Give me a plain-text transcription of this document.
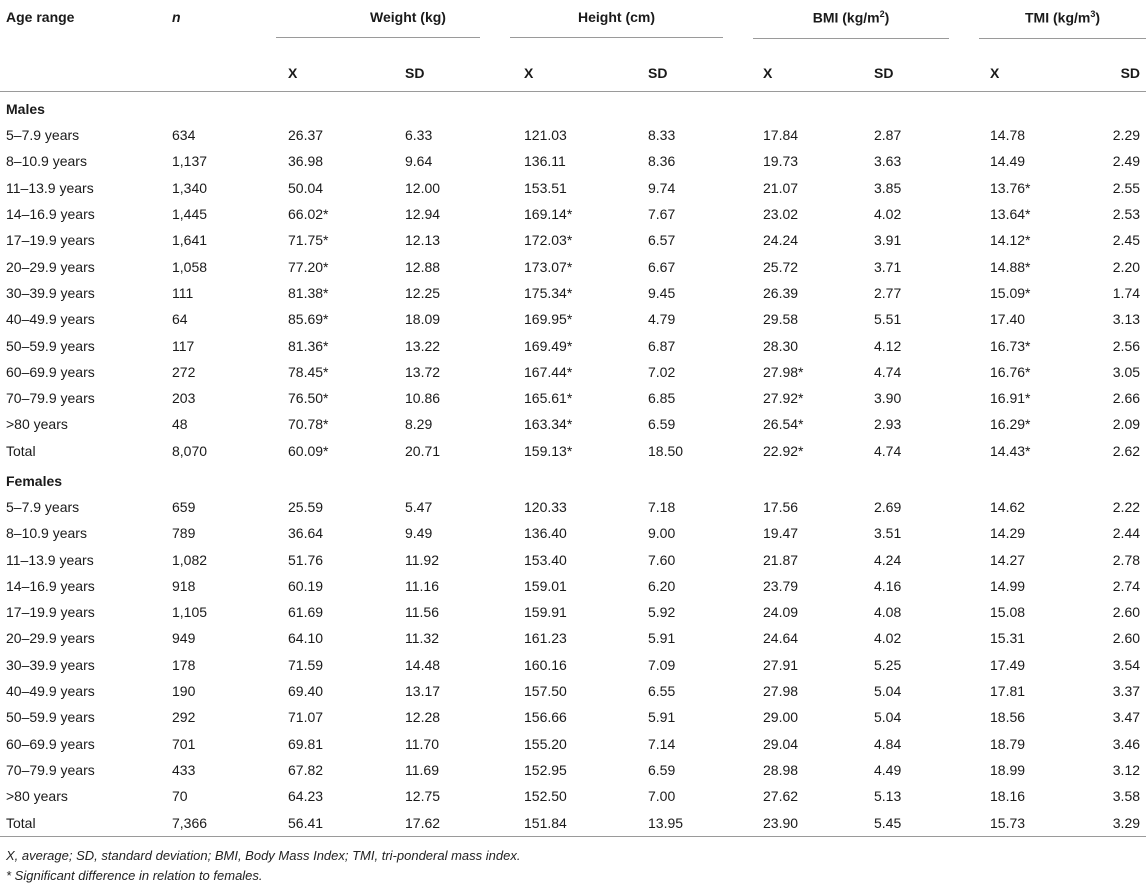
Age range	n	Weight (kg)		Height (cm)		BMI $(kg/m^2)$		TMI $(kg/m^3)$	

		X	SD	X	SD	X	SD	X	SD
Males									
5–7.9 years	634	26.37	6.33	121.03	8.33	17.84	2.87	14.78	2.29
8–10.9 years	1,137	36.98	9.64	136.11	8.36	19.73	3.63	14.49	2.49
11–13.9 years	1,340	50.04	12.00	153.51	9.74	21.07	3.85	13.76*	2.55
14–16.9 years	1,445	66.02*	12.94	169.14*	7.67	23.02	4.02	13.64*	2.53
17–19.9 years	1,641	71.75*	12.13	172.03*	6.57	24.24	3.91	14.12*	2.45
20–29.9 years	1,058	77.20*	12.88	173.07*	6.67	25.72	3.71	14.88*	2.20
30–39.9 years	111	81.38*	12.25	175.34*	9.45	26.39	2.77	15.09*	1.74
40–49.9 years	64	85.69*	18.09	169.95*	4.79	29.58	5.51	17.40	3.13
50–59.9 years	117	81.36*	13.22	169.49*	6.87	28.30	4.12	16.73*	2.56
60–69.9 years	272	78.45*	13.72	167.44*	7.02	27.98*	4.74	16.76*	3.05
70–79.9 years	203	76.50*	10.86	165.61*	6.85	27.92*	3.90	16.91*	2.66
>80 years	48	70.78*	8.29	163.34*	6.59	26.54*	2.93	16.29*	2.09
Total	8,070	60.09*	20.71	159.13*	18.50	22.92*	4.74	14.43*	2.62
Females									
5–7.9 years	659	25.59	5.47	120.33	7.18	17.56	2.69	14.62	2.22
8–10.9 years	789	36.64	9.49	136.40	9.00	19.47	3.51	14.29	2.44
11–13.9 years	1,082	51.76	11.92	153.40	7.60	21.87	4.24	14.27	2.78
14–16.9 years	918	60.19	11.16	159.01	6.20	23.79	4.16	14.99	2.74
17–19.9 years	1,105	61.69	11.56	159.91	5.92	24.09	4.08	15.08	2.60
20–29.9 years	949	64.10	11.32	161.23	5.91	24.64	4.02	15.31	2.60
30–39.9 years	178	71.59	14.48	160.16	7.09	27.91	5.25	17.49	3.54
40–49.9 years	190	69.40	13.17	157.50	6.55	27.98	5.04	17.81	3.37
50–59.9 years	292	71.07	12.28	156.66	5.91	29.00	5.04	18.56	3.47
60–69.9 years	701	69.81	11.70	155.20	7.14	29.04	4.84	18.79	3.46
70–79.9 years	433	67.82	11.69	152.95	6.59	28.98	4.49	18.99	3.12
>80 years	70	64.23	12.75	152.50	7.00	27.62	5.13	18.16	3.58
Total	7,366	56.41	17.62	151.84	13.95	23.90	5.45	15.73	3.29
X, average; SD, standard deviation; BMI, Body Mass Index; TMI, tri-ponderal mass index.
* Significant difference in relation to females.
